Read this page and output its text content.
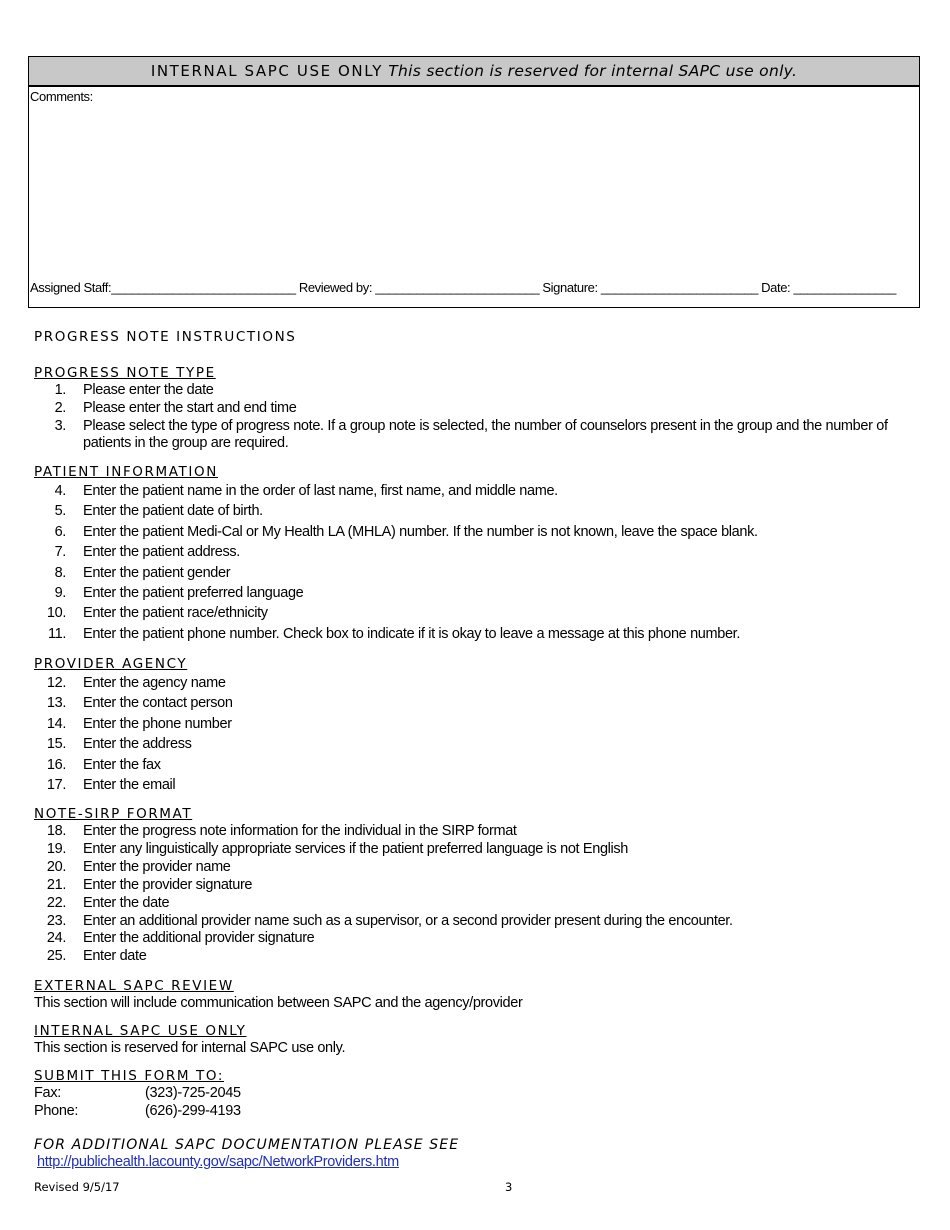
INTERNAL SAPC USE ONLY This section is reserved for internal SAPC use only.
Comments:
Assigned Staff:___________________________ Reviewed by: ________________________ Signature: _______________________ Date: _______________
PROGRESS NOTE INSTRUCTIONS
PROGRESS NOTE TYPE
1. Please enter the date
2. Please enter the start and end time
3. Please select the type of progress note. If a group note is selected, the number of counselors present in the group and the number of patients in the group are required.
PATIENT INFORMATION
4. Enter the patient name in the order of last name, first name, and middle name.
5. Enter the patient date of birth.
6. Enter the patient Medi-Cal or My Health LA (MHLA) number. If the number is not known, leave the space blank.
7. Enter the patient address.
8. Enter the patient gender
9. Enter the patient preferred language
10. Enter the patient race/ethnicity
11. Enter the patient phone number. Check box to indicate if it is okay to leave a message at this phone number.
PROVIDER AGENCY
12. Enter the agency name
13. Enter the contact person
14. Enter the phone number
15. Enter the address
16. Enter the fax
17. Enter the email
NOTE-SIRP FORMAT
18. Enter the progress note information for the individual in the SIRP format
19. Enter any linguistically appropriate services if the patient preferred language is not English
20. Enter the provider name
21. Enter the provider signature
22. Enter the date
23. Enter an additional provider name such as a supervisor, or a second provider present during the encounter.
24. Enter the additional provider signature
25. Enter date
EXTERNAL SAPC REVIEW
This section will include communication between SAPC and the agency/provider
INTERNAL SAPC USE ONLY
This section is reserved for internal SAPC use only.
SUBMIT THIS FORM TO:
Fax:	(323)-725-2045
Phone:	(626)-299-4193
FOR ADDITIONAL SAPC DOCUMENTATION PLEASE SEE
http://publichealth.lacounty.gov/sapc/NetworkProviders.htm
Revised 9/5/17	3
